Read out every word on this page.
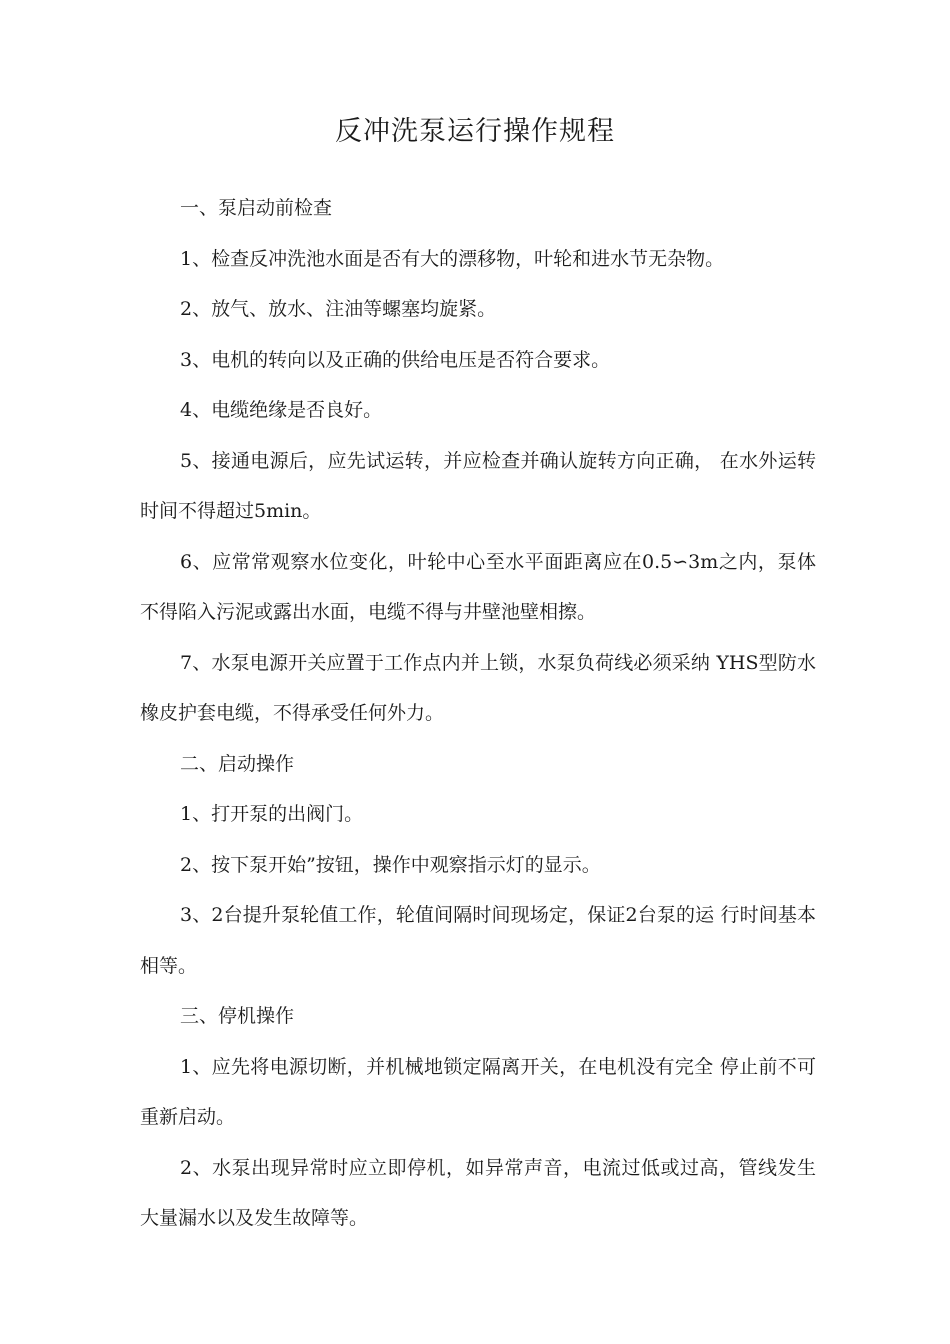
反冲洗泵运行操作规程

一、泵启动前检查

1、检查反冲洗池水面是否有大的漂移物，叶轮和进水节无杂物。

2、放气、放水、注油等螺塞均旋紧。

3、电机的转向以及正确的供给电压是否符合要求。

4、电缆绝缘是否良好。

5、接通电源后，应先试运转，并应检查并确认旋转方向正确， 在水外运转时间不得超过5min。

6、应常常观察水位变化，叶轮中心至水平面距离应在0.5∽3m之内，泵体不得陷入污泥或露出水面，电缆不得与井壁池壁相擦。

7、水泵电源开关应置于工作点内并上锁，水泵负荷线必须采纳 YHS型防水橡皮护套电缆，不得承受任何外力。

二、启动操作

1、打开泵的出阀门。

2、按下泵开始”按钮，操作中观察指示灯的显示。

3、2台提升泵轮值工作，轮值间隔时间现场定，保证2台泵的运 行时间基本相等。

三、停机操作

1、应先将电源切断，并机械地锁定隔离开关，在电机没有完全 停止前不可重新启动。

2、水泵出现异常时应立即停机，如异常声音，电流过低或过高，管线发生大量漏水以及发生故障等。
